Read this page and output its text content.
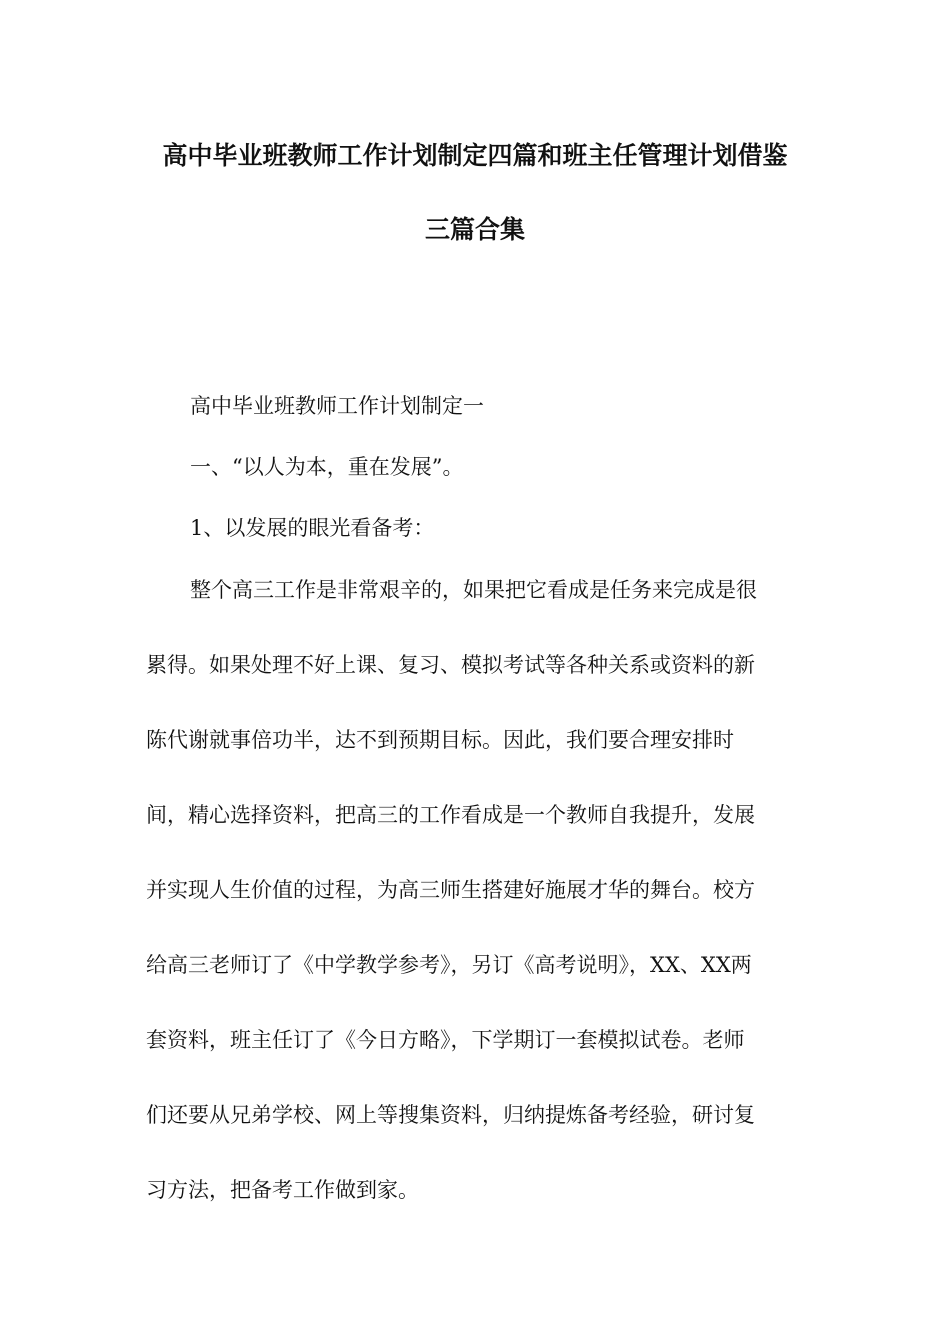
高中毕业班教师工作计划制定四篇和班主任管理计划借鉴
三篇合集
高中毕业班教师工作计划制定一
一、“以人为本，重在发展”。
1、以发展的眼光看备考：
整个高三工作是非常艰辛的，如果把它看成是任务来完成是很
累得。如果处理不好上课、复习、模拟考试等各种关系或资料的新
陈代谢就事倍功半，达不到预期目标。因此，我们要合理安排时
间，精心选择资料，把高三的工作看成是一个教师自我提升，发展
并实现人生价值的过程，为高三师生搭建好施展才华的舞台。校方
给高三老师订了《中学教学参考》，另订《高考说明》，XX、XX两
套资料，班主任订了《今日方略》，下学期订一套模拟试卷。老师
们还要从兄弟学校、网上等搜集资料，归纳提炼备考经验，研讨复
习方法，把备考工作做到家。
